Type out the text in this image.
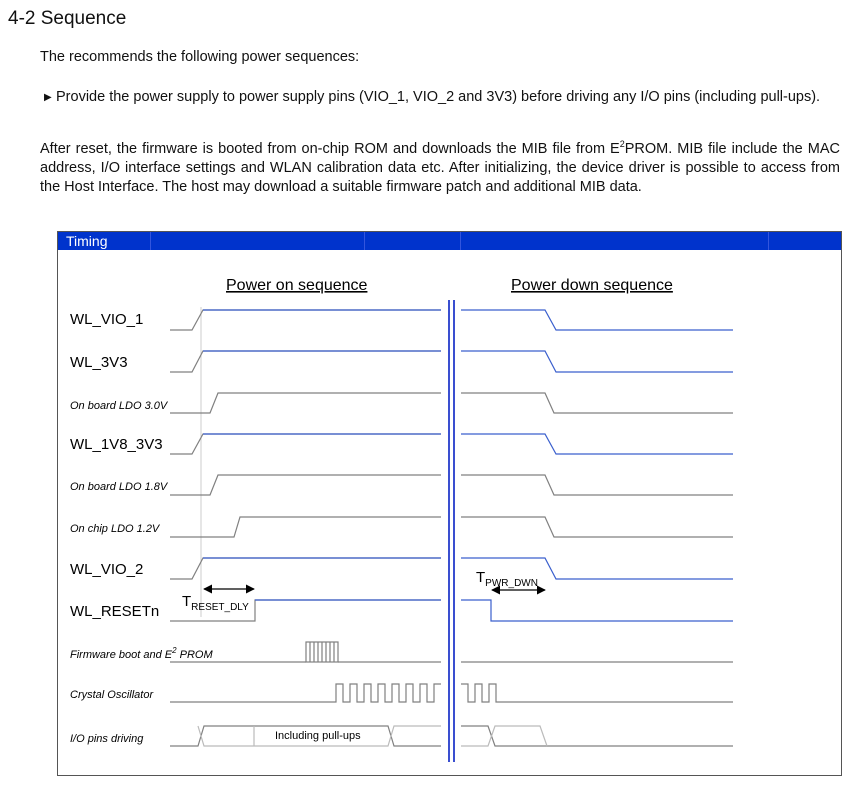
4-2 Sequence
The recommends the following power sequences:
▶ Provide the power supply to power supply pins (VIO_1, VIO_2 and 3V3) before driving any I/O pins (including pull-ups).
After reset, the firmware is booted from on-chip ROM and downloads the MIB file from $E^2PROM$. MIB file include the MAC address, I/O interface settings and WLAN calibration data etc. After initializing, the device driver is possible to access from the Host Interface. The host may download a suitable firmware patch and additional MIB data.
Timing
Power on sequence	Power down sequence
WL_VIO_1
WL_3V3
On board LDO 3.0V
WL_1V8_3V3
On board LDO 1.8V
On chip LDO 1.2V
WL_VIO_2
WL_RESETn
Firmware boot and $E^2$ PROM
Crystal Oscillator
I/O pins driving
$T_{RESET\_DLY}$
$T_{PWR\_DWN}$
Including pull-ups
